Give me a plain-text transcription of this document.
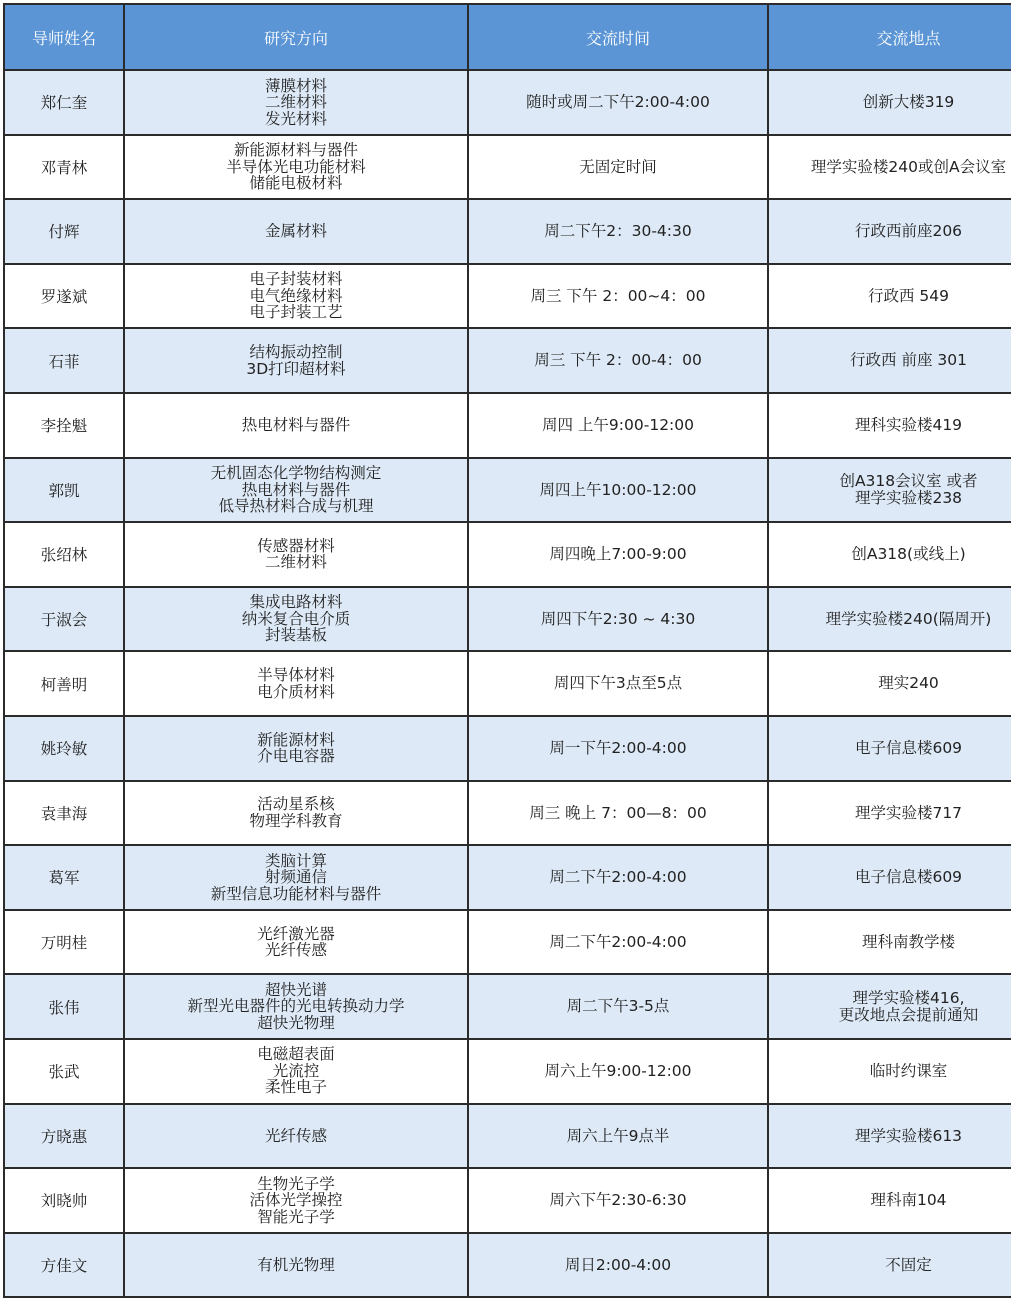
导师姓名	研究方向	交流时间	交流地点
郑仁奎	薄膜材料
二维材料
发光材料	随时或周二下午2:00-4:00	创新大楼319

邓青林	新能源材料与器件
半导体光电功能材料
储能电极材料	无固定时间	理学实验楼240或创A会议室

付辉	金属材料	周二下午2：30-4:30	行政西前座206

罗遂斌	电子封装材料
电气绝缘材料
电子封装工艺	周三 下午 2：00~4：00	行政西 549

石菲	结构振动控制
3D打印超材料	周三 下午 2：00-4：00	行政西 前座 301

李拴魁	热电材料与器件	周四 上午9:00-12:00	理科实验楼419

郭凯	无机固态化学物结构测定
热电材料与器件
低导热材料合成与机理	周四上午10:00-12:00	创A318会议室 或者
理学实验楼238

张绍林	传感器材料
二维材料	周四晚上7:00-9:00	创A318(或线上)

于淑会	集成电路材料
纳米复合电介质
封装基板	周四下午2:30 ~ 4:30	理学实验楼240(隔周开)

柯善明	半导体材料
电介质材料	周四下午3点至5点	理实240

姚玲敏	新能源材料
介电电容器	周一下午2:00-4:00	电子信息楼609

袁聿海	活动星系核
物理学科教育	周三 晚上 7：00—8：00	理学实验楼717

葛军	类脑计算
射频通信
新型信息功能材料与器件	周二下午2:00-4:00	电子信息楼609

万明桂	光纤激光器
光纤传感	周二下午2:00-4:00	理科南教学楼

张伟	超快光谱
新型光电器件的光电转换动力学
超快光物理	周二下午3-5点	理学实验楼416,
更改地点会提前通知

张武	电磁超表面
光流控
柔性电子	周六上午9:00-12:00	临时约课室

方晓惠	光纤传感	周六上午9点半	理学实验楼613

刘晓帅	生物光子学
活体光学操控
智能光子学	周六下午2:30-6:30	理科南104

方佳文	有机光物理	周日2:00-4:00	不固定
